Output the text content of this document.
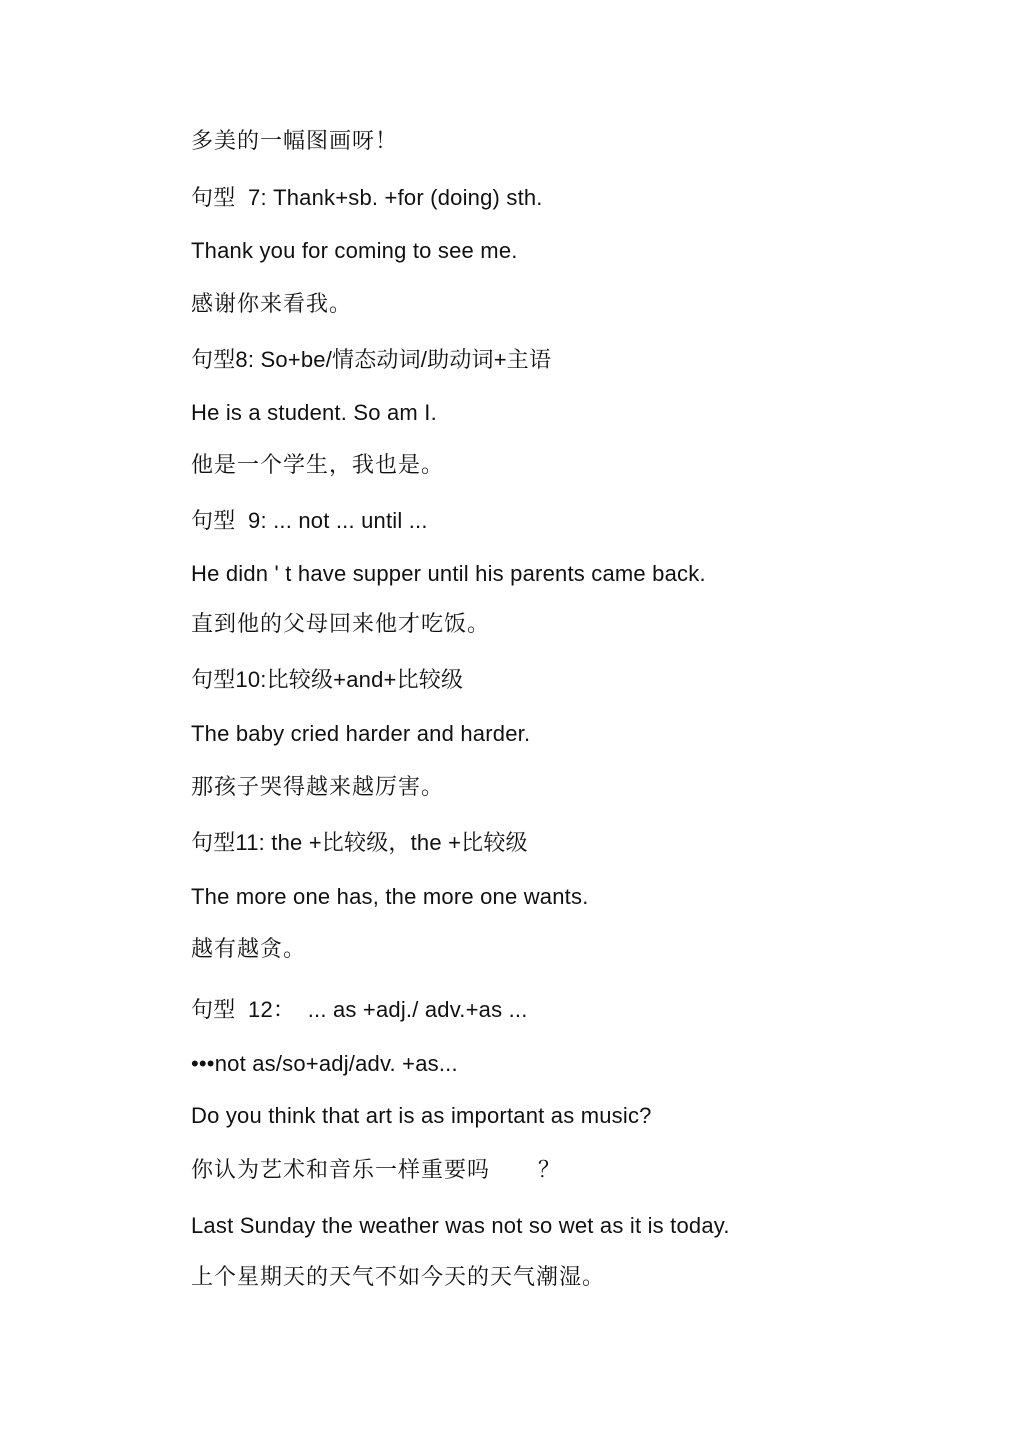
多美的一幅图画呀！
句型  7: Thank+sb. +for (doing) sth.
Thank you for coming to see me.
感谢你来看我。
句型8: So+be/情态动词/助动词+主语
He is a student. So am I.
他是一个学生，我也是。
句型  9: ... not ... until ...
He didn ' t have supper until his parents came back.
直到他的父母回来他才吃饭。
句型10:比较级+and+比较级
The baby cried harder and harder.
那孩子哭得越来越厉害。
句型11: the +比较级，the +比较级
The more one has, the more one wants.
越有越贪。
句型  12：  ... as +adj./ adv.+as ...
•••not as/so+adj/adv. +as...
Do you think that art is as important as music?
你认为艺术和音乐一样重要吗      ？
Last Sunday the weather was not so wet as it is today.
上个星期天的天气不如今天的天气潮湿。
